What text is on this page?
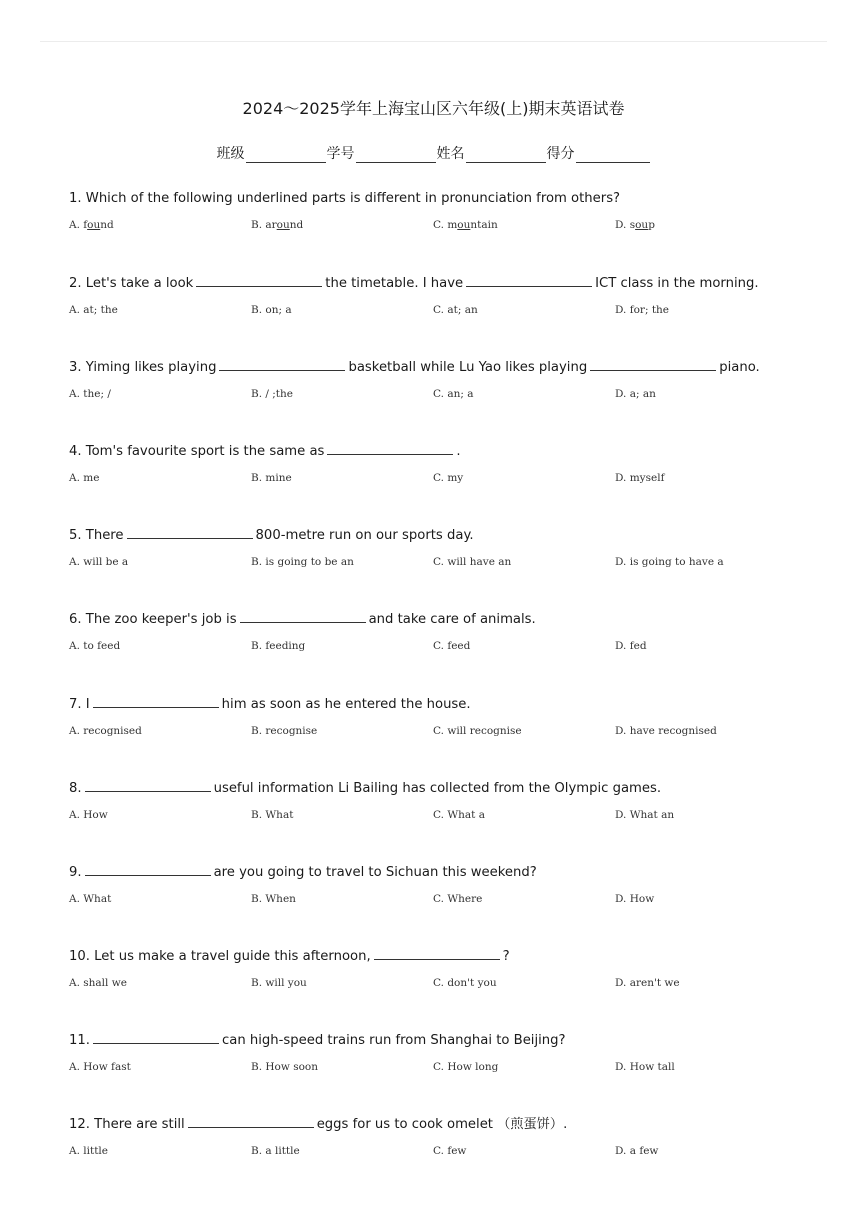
2024～2025学年上海宝山区六年级(上)期末英语试卷
班级	学号	姓名	得分
1. Which of the following underlined parts is different in pronunciation from others?
A. found	B. around	C. mountain	D. soup
2. Let's take a look	the timetable. I have	ICT class in the morning.
A. at; the	B. on; a	C. at; an	D. for; the
3. Yiming likes playing	basketball while Lu Yao likes playing	piano.
A. the; /	B. / ;the	C. an; a	D. a; an
4. Tom's favourite sport is the same as	.
A. me	B. mine	C. my	D. myself
5. There	800-metre run on our sports day.
A. will be a	B. is going to be an	C. will have an	D. is going to have a
6. The zoo keeper's job is	and take care of animals.
A. to feed	B. feeding	C. feed	D. fed
7. I	him as soon as he entered the house.
A. recognised	B. recognise	C. will recognise	D. have recognised
8.	useful information Li Bailing has collected from the Olympic games.
A. How	B. What	C. What a	D. What an
9.	are you going to travel to Sichuan this weekend?
A. What	B. When	C. Where	D. How
10. Let us make a travel guide this afternoon,	?
A. shall we	B. will you	C. don't you	D. aren't we
11.	can high-speed trains run from Shanghai to Beijing?
A. How fast	B. How soon	C. How long	D. How tall
12. There are still	eggs for us to cook omelet （煎蛋饼）.
A. little	B. a little	C. few	D. a few
